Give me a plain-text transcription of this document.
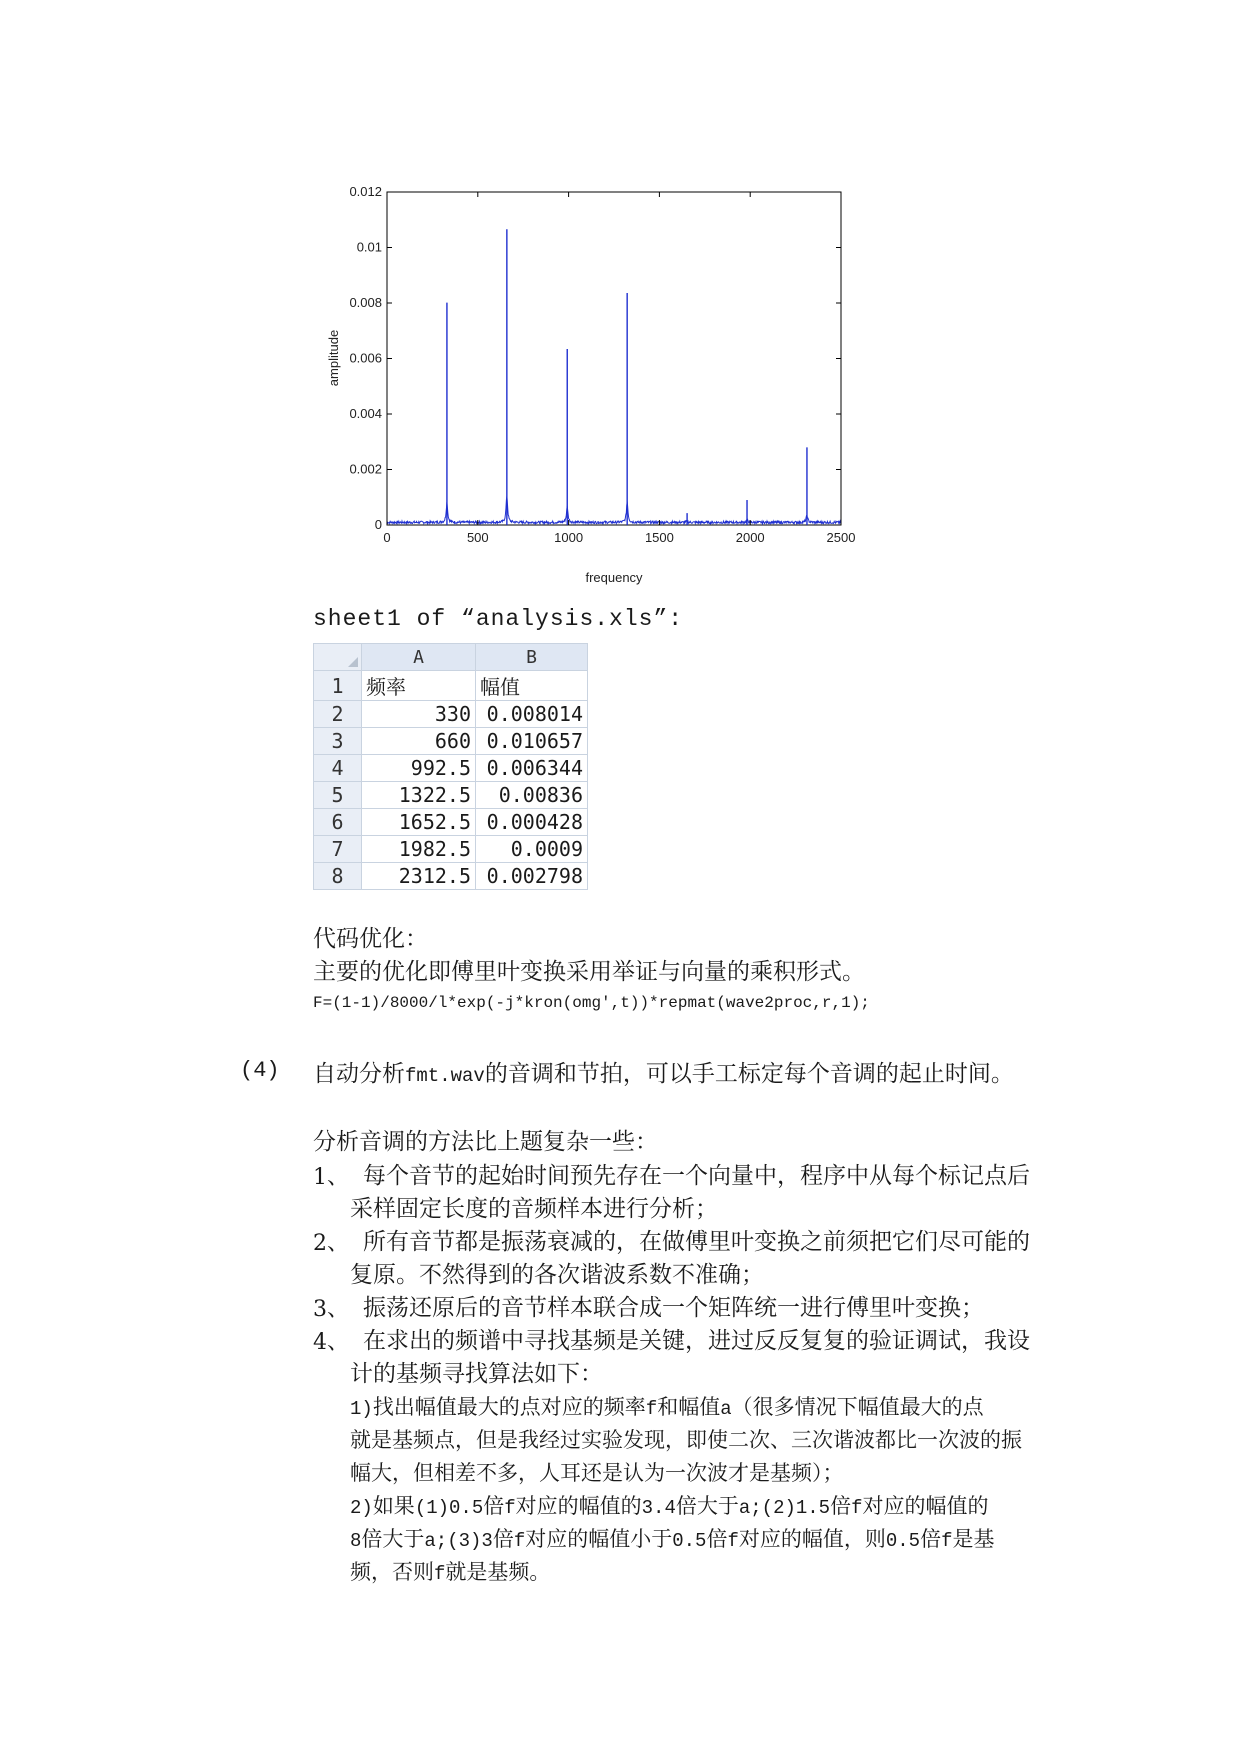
0	500	1000	1500	2000	2500
0
0.002
0.004
0.006
0.008
0.01
0.012
frequency
amplitude
sheet1 of “analysis.xls”:
	A	B
1	频率	幅值
2	330	0.008014
3	660	0.010657
4	992.5	0.006344
5	1322.5	0.00836
6	1652.5	0.000428
7	1982.5	0.0009
8	2312.5	0.002798
代码优化：
主要的优化即傅里叶变换采用举证与向量的乘积形式。
F=(1-1)/8000/l*exp(-j*kron(omg',t))*repmat(wave2proc,r,1);
(4) 自动分析fmt.wav的音调和节拍，可以手工标定每个音调的起止时间。
分析音调的方法比上题复杂一些：
1、 每个音节的起始时间预先存在一个向量中，程序中从每个标记点后
采样固定长度的音频样本进行分析；
2、 所有音节都是振荡衰减的，在做傅里叶变换之前须把它们尽可能的
复原。不然得到的各次谐波系数不准确；
3、 振荡还原后的音节样本联合成一个矩阵统一进行傅里叶变换；
4、 在求出的频谱中寻找基频是关键，进过反反复复的验证调试，我设
计的基频寻找算法如下：
1)找出幅值最大的点对应的频率f和幅值a（很多情况下幅值最大的点
就是基频点，但是我经过实验发现，即使二次、三次谐波都比一次波的振
幅大，但相差不多，人耳还是认为一次波才是基频）；
2)如果(1)0.5倍f对应的幅值的3.4倍大于a;(2)1.5倍f对应的幅值的
8倍大于a;(3)3倍f对应的幅值小于0.5倍f对应的幅值，则0.5倍f是基
频，否则f就是基频。
